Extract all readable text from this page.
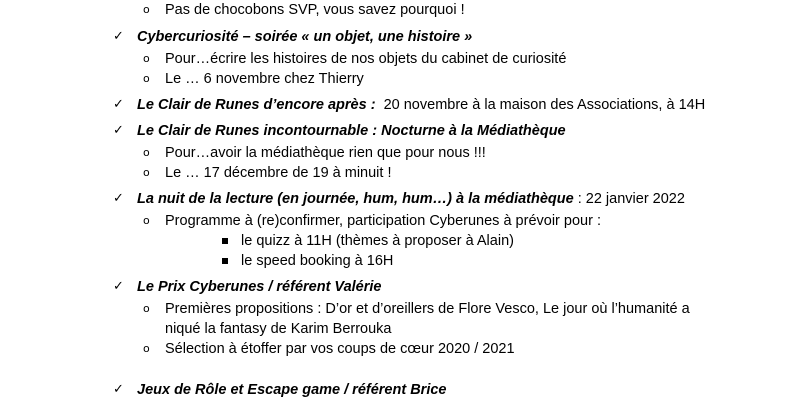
o Pas de chocobons SVP, vous savez pourquoi !
✓ Cybercuriosité – soirée « un objet, une histoire »
o Pour…écrire les histoires de nos objets du cabinet de curiosité
o Le … 6 novembre chez Thierry
✓ Le Clair de Runes d’encore après :  20 novembre à la maison des Associations, à 14H
✓ Le Clair de Runes incontournable : Nocturne à la Médiathèque
o Pour…avoir la médiathèque rien que pour nous !!!
o Le … 17 décembre de 19 à minuit !
✓ La nuit de la lecture (en journée, hum, hum…) à la médiathèque : 22 janvier 2022
o Programme à (re)confirmer, participation Cyberunes à prévoir pour :
le quizz à 11H (thèmes à proposer à Alain)
le speed booking à 16H
✓ Le Prix Cyberunes / référent Valérie
o Premières propositions : D’or et d’oreillers de Flore Vesco, Le jour où l’humanité a
niqué la fantasy de Karim Berrouka
o Sélection à étoffer par vos coups de cœur 2020 / 2021
✓ Jeux de Rôle et Escape game / référent Brice
